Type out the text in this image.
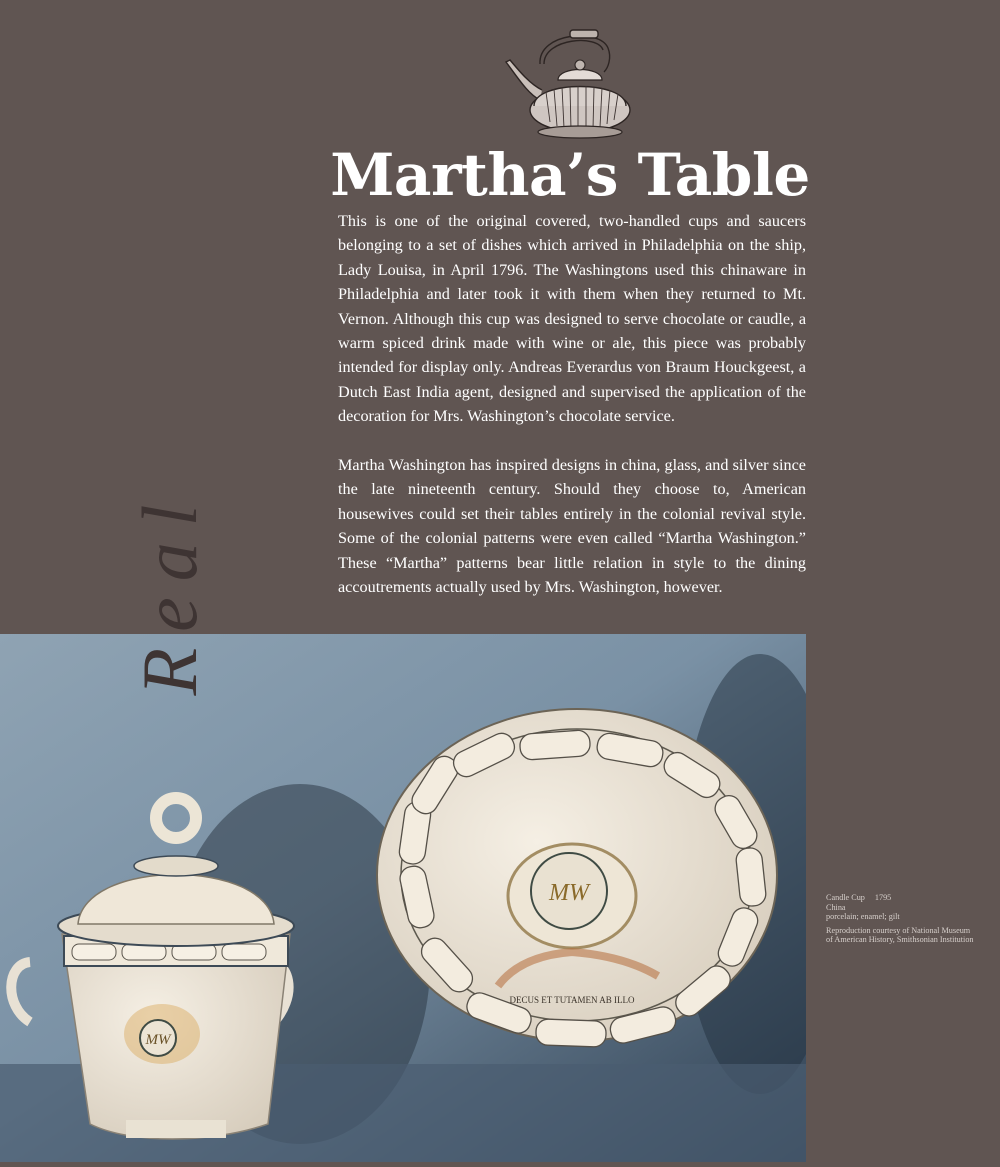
Martha’s Table

This is one of the original covered, two-handled cups and saucers belonging to a set of dishes which arrived in Philadelphia on the ship, Lady Louisa, in April 1796. The Washingtons used this chinaware in Philadelphia and later took it with them when they returned to Mt. Vernon. Although this cup was designed to serve chocolate or caudle, a warm spiced drink made with wine or ale, this piece was probably intended for display only. Andreas Everardus von Braum Houckgeest, a Dutch East India agent, designed and supervised the application of the decoration for Mrs. Washington’s chocolate service.

Martha Washington has inspired designs in china, glass, and silver since the late nineteenth century. Should they choose to, American housewives could set their tables entirely in the colonial revival style. Some of the colonial patterns were even called “Martha Washington.” These “Martha” patterns bear little relation in style to the dining accoutrements actually used by Mrs. Washington, however.

MW
DECUS ET TUTAMEN AB ILLO
MW
Real
Candle Cup 1795
China
porcelain; enamel; gilt
Reproduction courtesy of National Museum
of American History, Smithsonian Institution
